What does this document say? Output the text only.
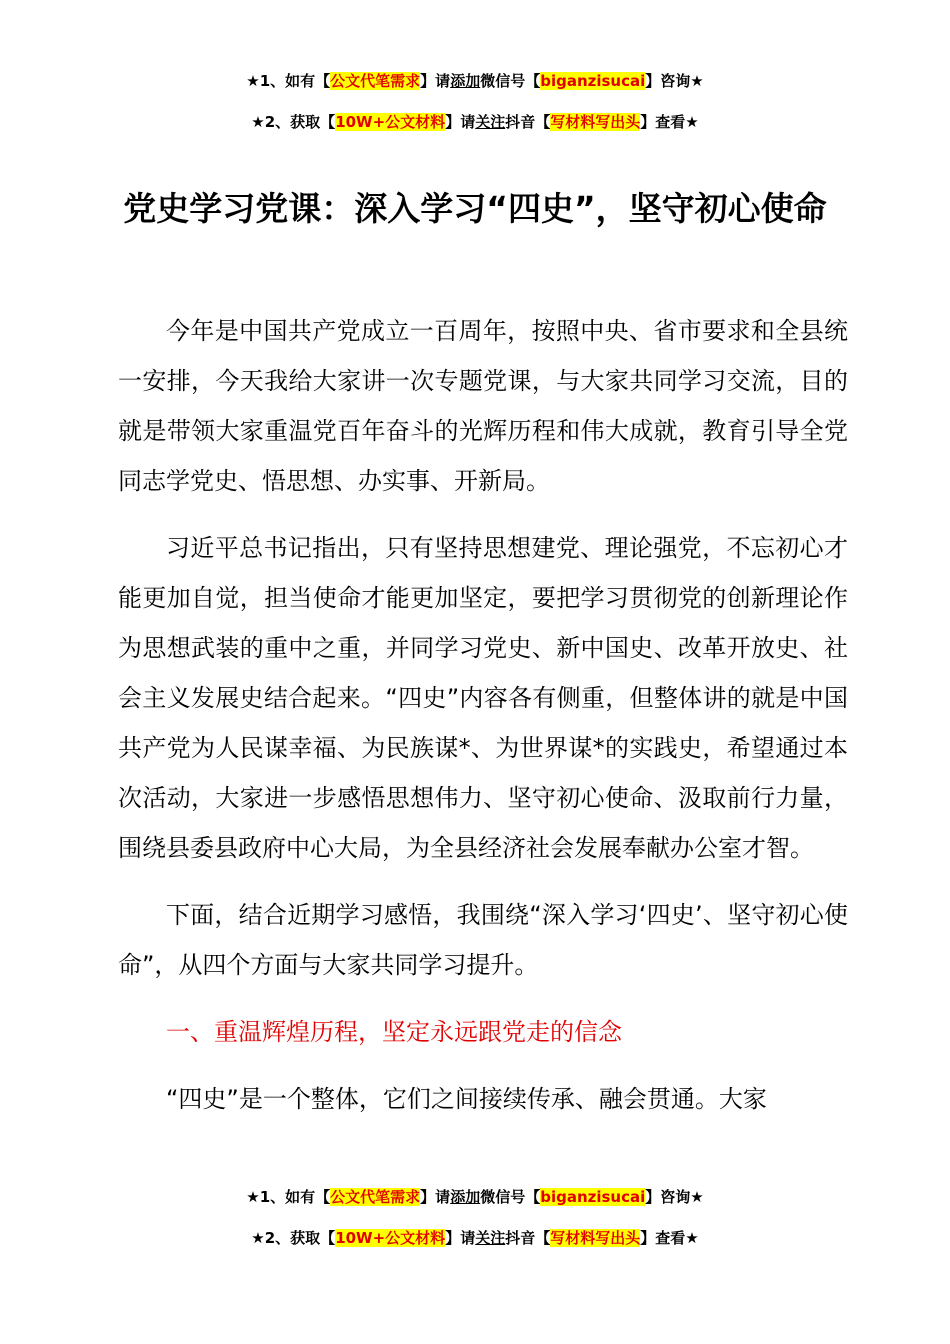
★1、如有【公文代笔需求】请添加微信号【biganzisucai】咨询★
★2、获取【10W+公文材料】请关注抖音【写材料写出头】查看★
党史学习党课：深入学习“四史”，坚守初心使命

今年是中国共产党成立一百周年，按照中央、省市要求和全县统一安排，今天我给大家讲一次专题党课，与大家共同学习交流，目的就是带领大家重温党百年奋斗的光辉历程和伟大成就，教育引导全党同志学党史、悟思想、办实事、开新局。

习近平总书记指出，只有坚持思想建党、理论强党，不忘初心才能更加自觉，担当使命才能更加坚定，要把学习贯彻党的创新理论作为思想武装的重中之重，并同学习党史、新中国史、改革开放史、社会主义发展史结合起来。“四史”内容各有侧重，但整体讲的就是中国共产党为人民谋幸福、为民族谋*、为世界谋*的实践史，希望通过本次活动，大家进一步感悟思想伟力、坚守初心使命、汲取前行力量，围绕县委县政府中心大局，为全县经济社会发展奉献办公室才智。

下面，结合近期学习感悟，我围绕“深入学习‘四史’、坚守初心使命”，从四个方面与大家共同学习提升。

一、重温辉煌历程，坚定永远跟党走的信念

“四史”是一个整体，它们之间接续传承、融会贯通。大家

★1、如有【公文代笔需求】请添加微信号【biganzisucai】咨询★
★2、获取【10W+公文材料】请关注抖音【写材料写出头】查看★
